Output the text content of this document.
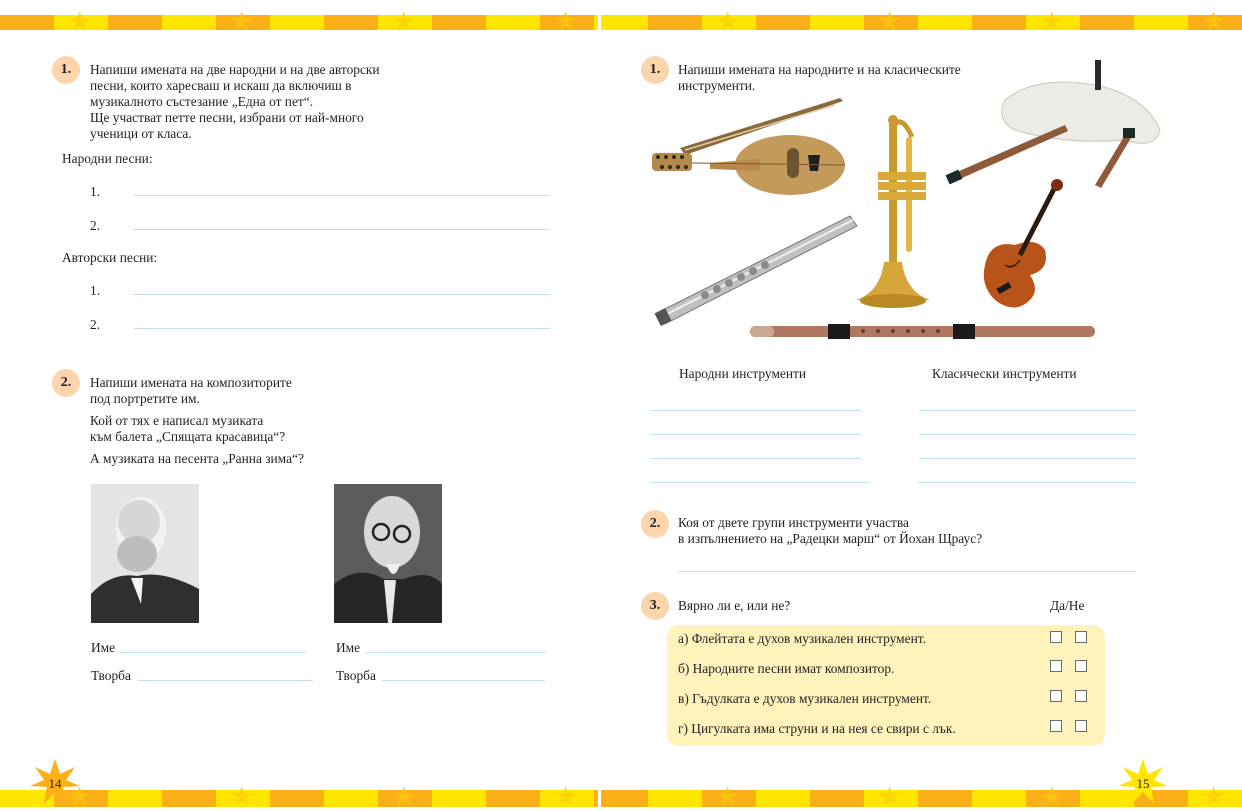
★	★	★	★	★	★	★	★
★	★	★	★	★	★	★	★
14	15
1.	Напиши имената на две народни и на две авторски
песни, които харесваш и искаш да включиш в
музикалното състезание „Една от пет“.
Ще участват петте песни, избрани от най-много
ученици от класа.
Народни песни:
1.
2.
Авторски песни:
1.
2.
2.	Напиши имената на композиторите
под портретите им.
Кой от тях е написал музиката
към балета „Спящата красавица“?
А музиката на песента „Ранна зима“?
Име
Творба
Име
Творба
1.	Напиши имената на народните и на класическите
инструменти.
Народни инструменти	Класически инструменти
2.	Коя от двете групи инструменти участва
в изпълнението на „Радецки марш“ от Йохан Щраус?
3.	Вярно ли е, или не?	Да/Не
а) Флейтата е духов музикален инструмент.
б) Народните песни имат композитор.
в) Гъдулката е духов музикален инструмент.
г) Цигулката има струни и на нея се свири с лък.
